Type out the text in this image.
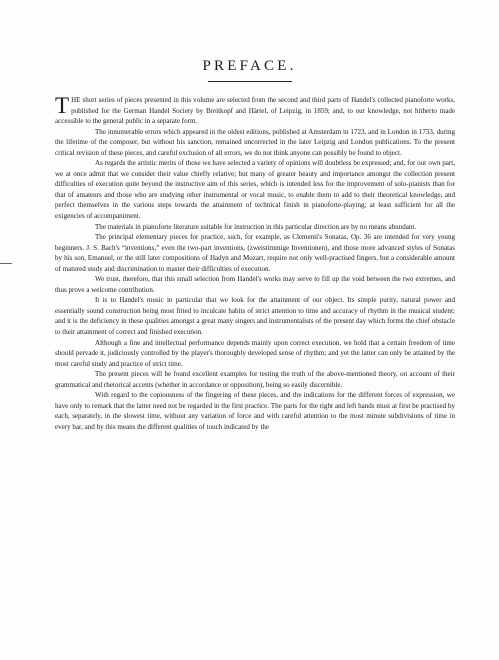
PREFACE.

THE short series of pieces presented in this volume are selected from the second and third parts of Handel's collected pianoforte works, published for the German Handel Society by Breitkopf and Härtel, of Leipzig, in 1859; and, to our knowledge, not hitherto made accessible to the general public in a separate form.

The innumerable errors which appeared in the oldest editions, published at Amsterdam in 1723, and in London in 1733, during the lifetime of the composer, but without his sanction, remained uncorrected in the later Leipzig and London publications. To the present critical revision of these pieces, and careful exclusion of all errors, we do not think anyone can possibly be found to object.

As regards the artistic merits of those we have selected a variety of opinions will doubtless be expressed; and, for our own part, we at once admit that we consider their value chiefly relative; but many of greater beauty and importance amongst the collection present difficulties of execution quite beyond the instructive aim of this series, which is intended less for the improvement of solo-pianists than for that of amateurs and those who are studying other instrumental or vocal music, to enable them to add to their theoretical knowledge, and perfect themselves in the various steps towards the attainment of technical finish in pianoforte-playing; at least sufficient for all the exigencies of accompaniment.

The materials in pianoforte literature suitable for instruction in this particular direction are by no means abundant.

The principal elementary pieces for practice, such, for example, as Clementi's Sonatas, Op. 36 are intended for very young beginners. J. S. Bach's “inventions,” even the two-part inventions, (zweistimmige Inventionen), and those more advanced styles of Sonatas by his son, Emanuel, or the still later compositions of Hadyn and Mozart, require not only well-practised fingers, but a considerable amount of matured study and discrimination to master their difficulties of execution.

We trust, therefore, that this small selection from Handel's works may serve to fill up the void between the two extremes, and thus prove a welcome contribution.

It is to Handel's music in particular that we look for the attainment of our object. Its simple purity, natural power and essentially sound construction being most fitted to inculcate habits of strict attention to time and accuracy of rhythm in the musical student; and it is the deficiency in these qualities amongst a great many singers and instrumentalists of the present day which forms the chief obstacle to their attainment of correct and finished execution.

Although a fine and intellectual performance depends mainly upon correct execution, we hold that a certain freedom of time should pervade it, judiciously controlled by the player's thoroughly developed sense of rhythm; and yet the latter can only be attained by the most careful study and practice of strict time.

The present pieces will be found excellent examples for testing the truth of the above-mentioned theory, on account of their grammatical and rhetorical accents (whether in accordance or opposition), being so easily discernible.

With regard to the copiousness of the fingering of these pieces, and the indications for the different forces of expression, we have only to remark that the latter need not be regarded in the first practice. The parts for the right and left hands must at first be practised by each, separately, in the slowest time, without any variation of force and with careful attention to the most minute subdivisions of time in every bar, and by this means the different qualities of touch indicated by the
